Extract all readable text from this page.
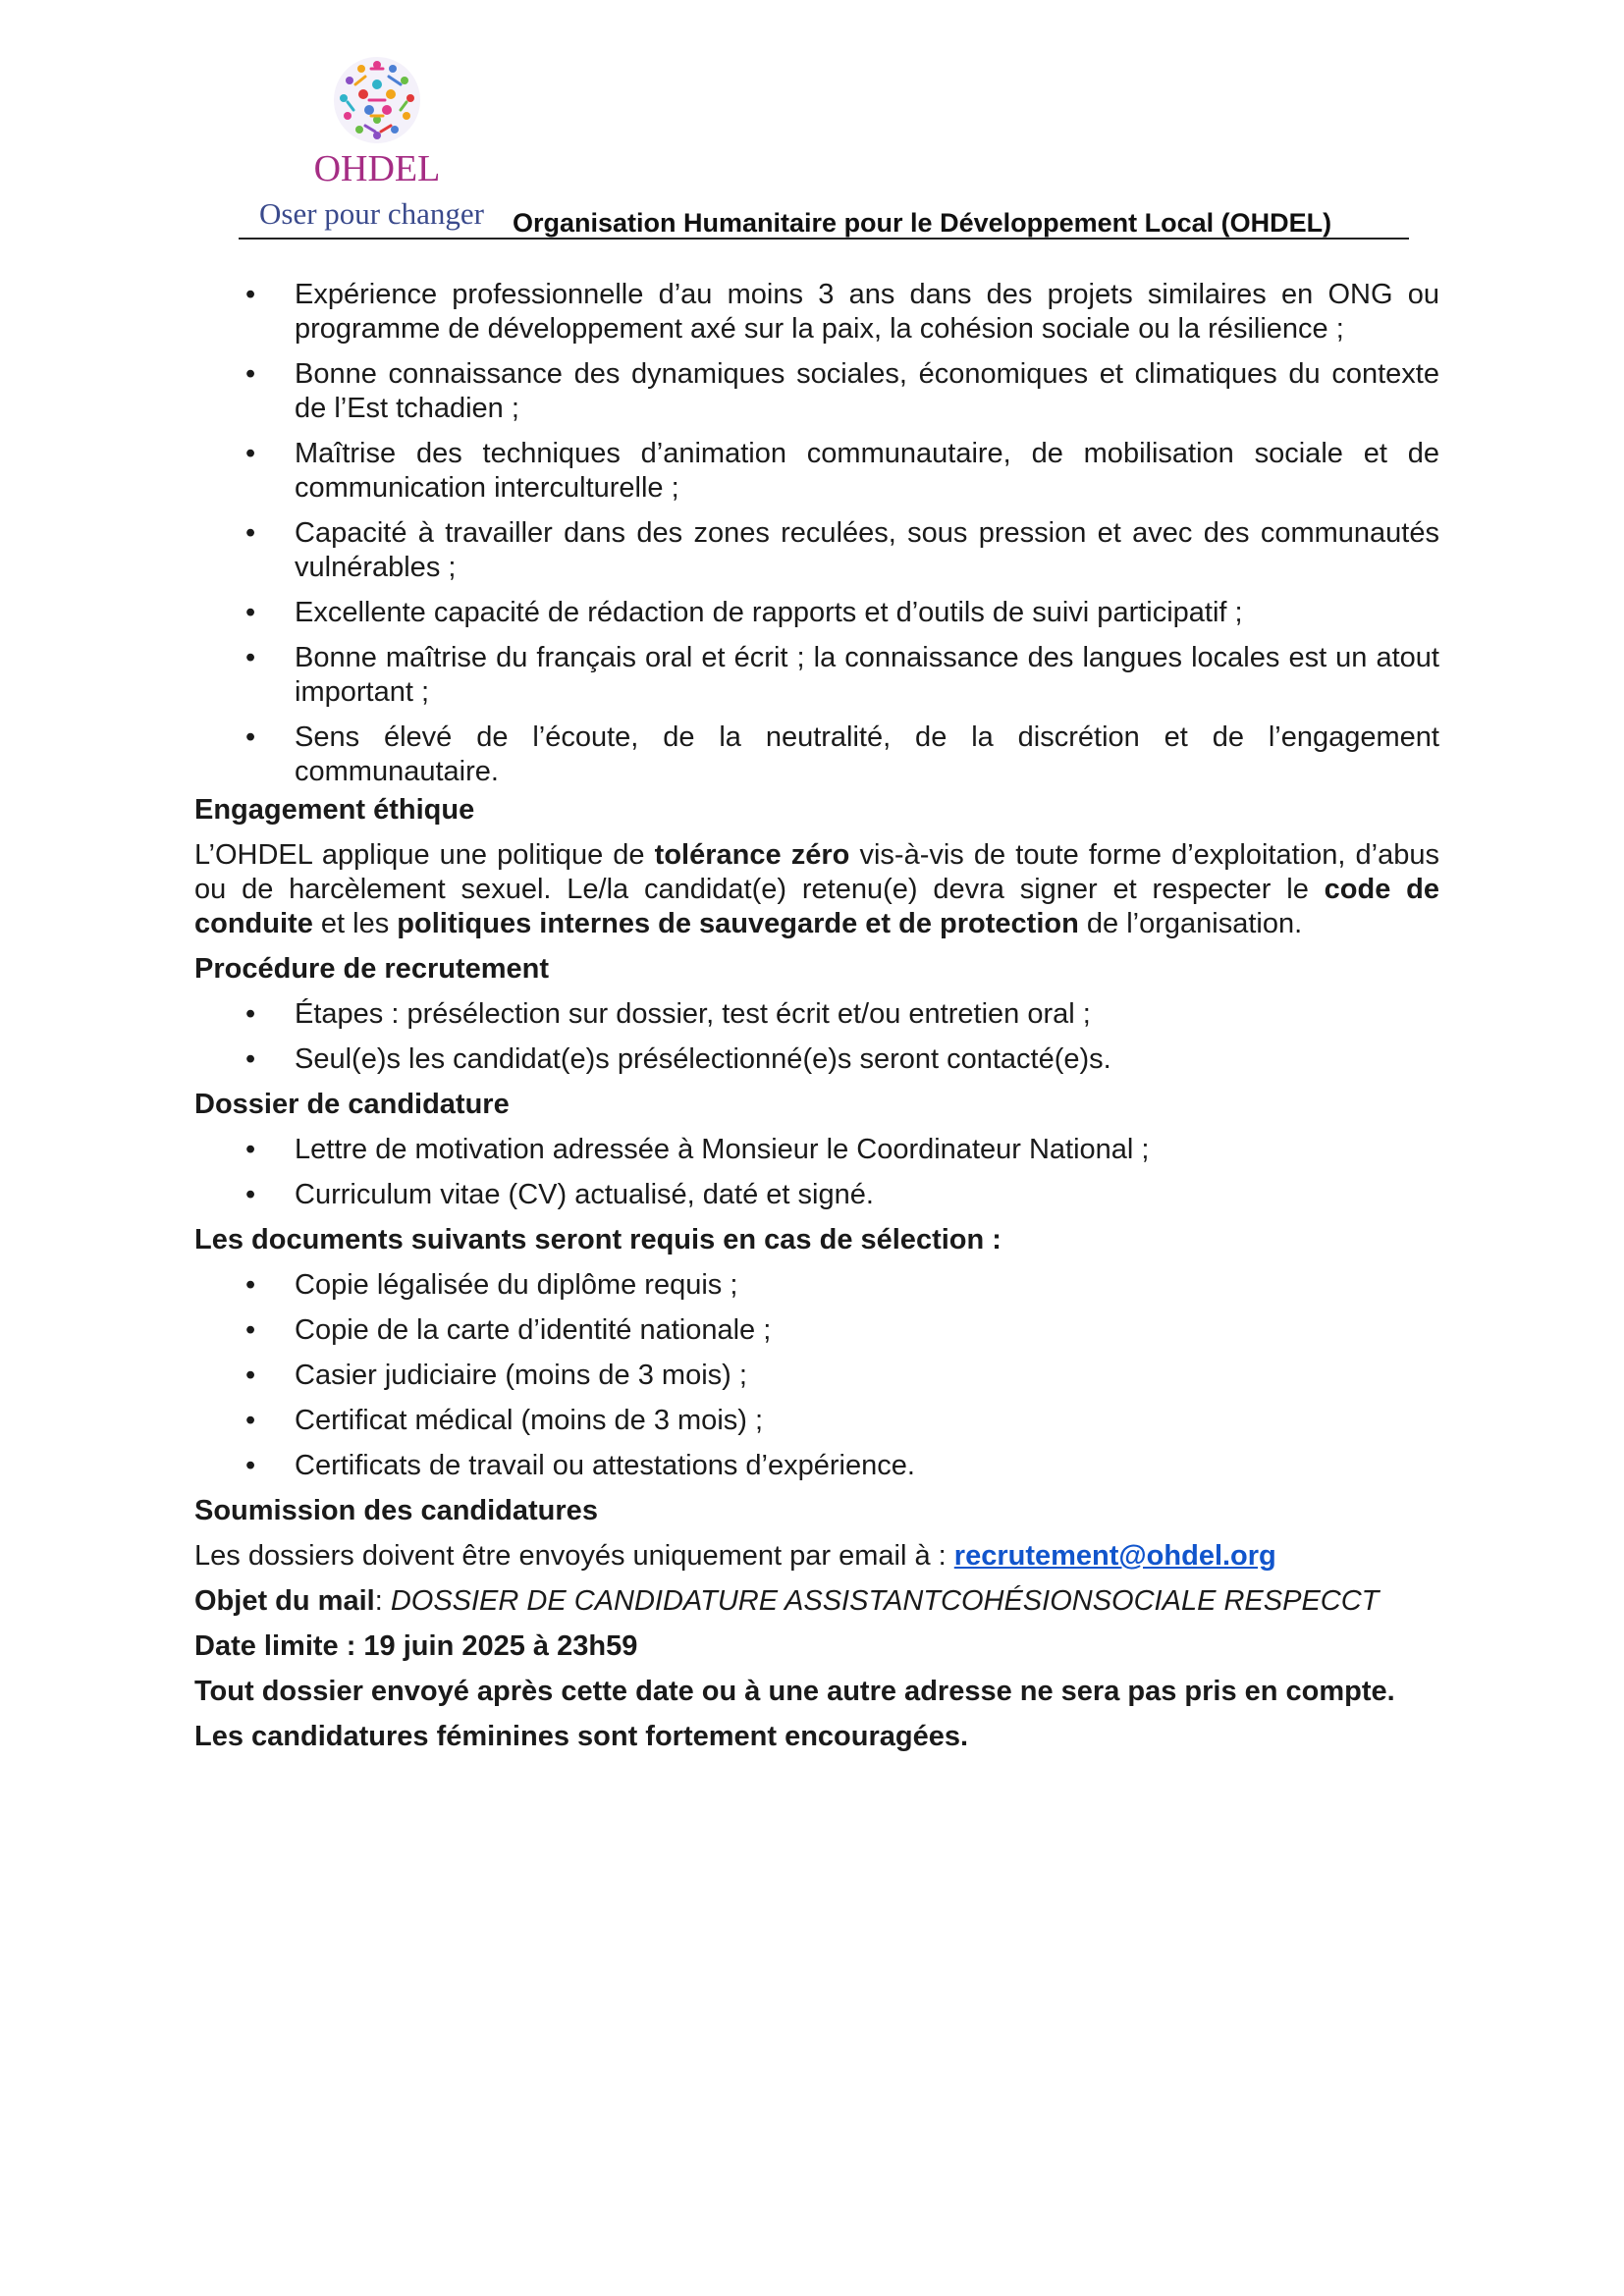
OHDEL
Oser pour changer Organisation Humanitaire pour le Développement Local (OHDEL)
• Expérience professionnelle d’au moins 3 ans dans des projets similaires en ONG ou programme de développement axé sur la paix, la cohésion sociale ou la résilience ;
• Bonne connaissance des dynamiques sociales, économiques et climatiques du contexte de l’Est tchadien ;
• Maîtrise des techniques d’animation communautaire, de mobilisation sociale et de communication interculturelle ;
• Capacité à travailler dans des zones reculées, sous pression et avec des communautés vulnérables ;
• Excellente capacité de rédaction de rapports et d’outils de suivi participatif ;
• Bonne maîtrise du français oral et écrit ; la connaissance des langues locales est un atout important ;
• Sens élevé de l’écoute, de la neutralité, de la discrétion et de l’engagement communautaire.
Engagement éthique

L’OHDEL applique une politique de tolérance zéro vis-à-vis de toute forme d’exploitation, d’abus ou de harcèlement sexuel. Le/la candidat(e) retenu(e) devra signer et respecter le code de conduite et les politiques internes de sauvegarde et de protection de l’organisation.

Procédure de recrutement
• Étapes : présélection sur dossier, test écrit et/ou entretien oral ;
• Seul(e)s les candidat(e)s présélectionné(e)s seront contacté(e)s.
Dossier de candidature
• Lettre de motivation adressée à Monsieur le Coordinateur National ;
• Curriculum vitae (CV) actualisé, daté et signé.
Les documents suivants seront requis en cas de sélection :
• Copie légalisée du diplôme requis ;
• Copie de la carte d’identité nationale ;
• Casier judiciaire (moins de 3 mois) ;
• Certificat médical (moins de 3 mois) ;
• Certificats de travail ou attestations d’expérience.
Soumission des candidatures

Les dossiers doivent être envoyés uniquement par email à : recrutement@ohdel.org

Objet du mail: DOSSIER DE CANDIDATURE ASSISTANTCOHÉSIONSOCIALE RESPECCT

Date limite : 19 juin 2025 à 23h59

Tout dossier envoyé après cette date ou à une autre adresse ne sera pas pris en compte.

Les candidatures féminines sont fortement encouragées.
